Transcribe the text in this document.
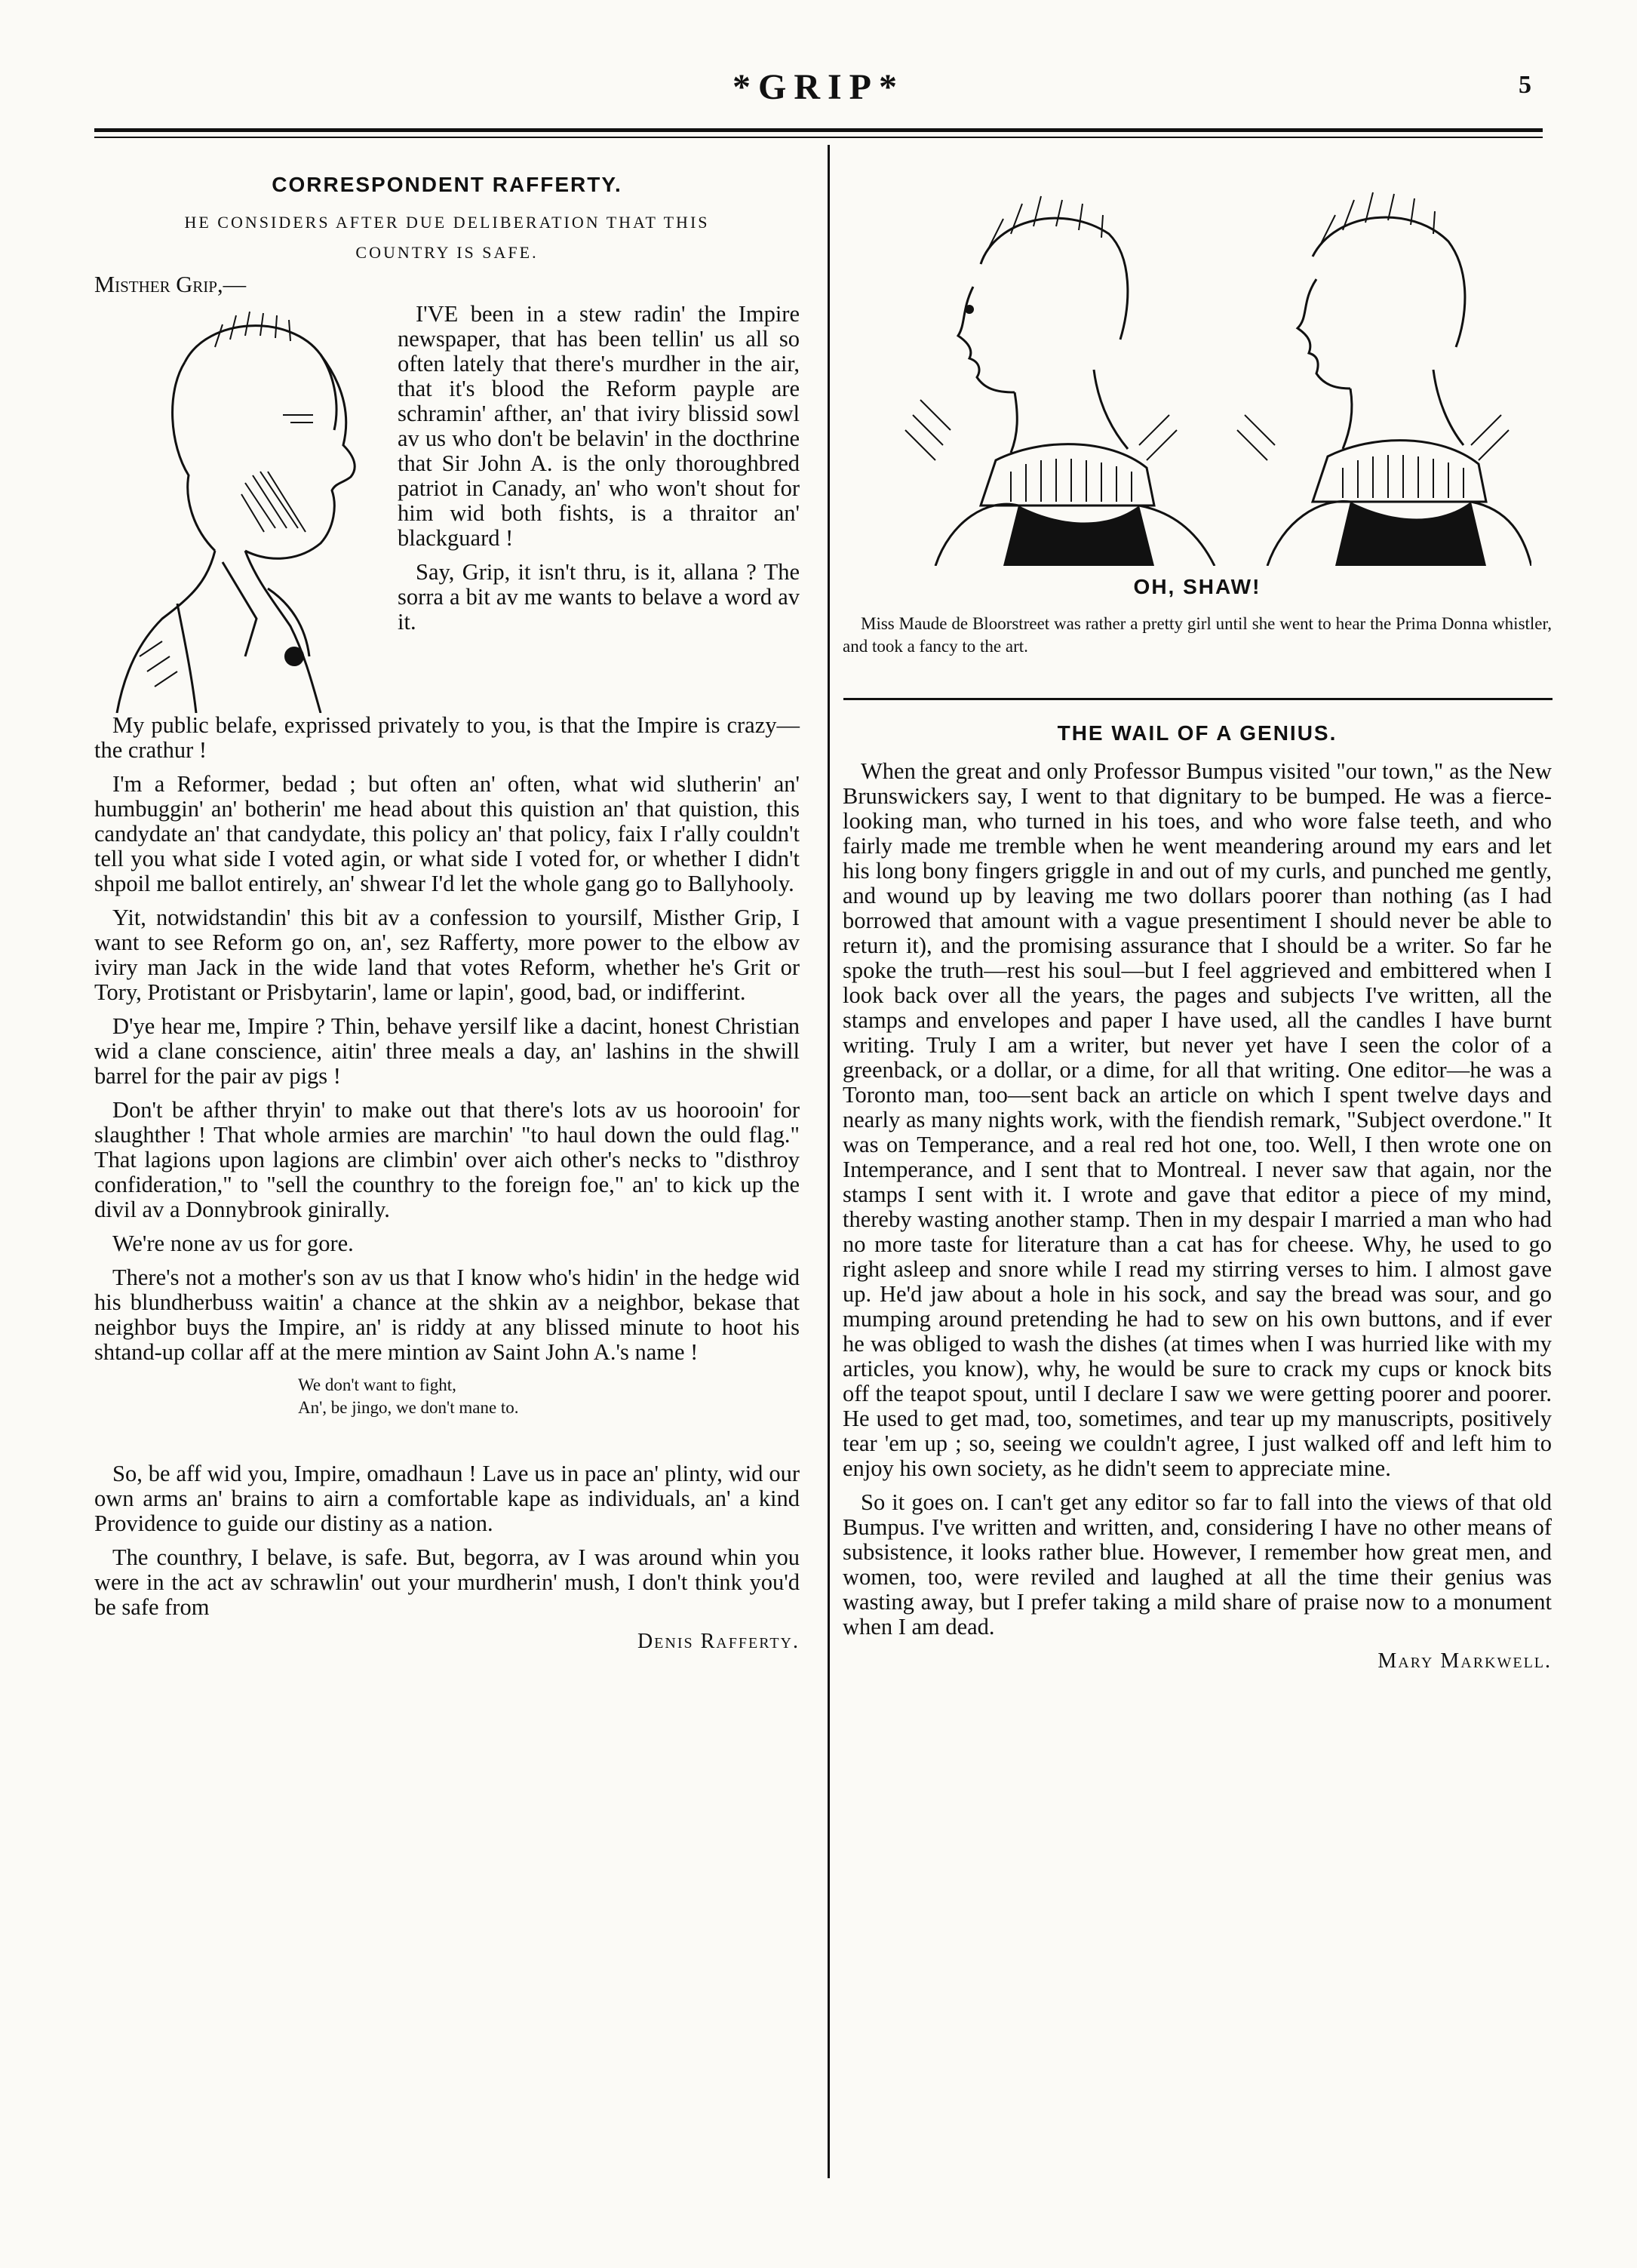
*GRIP*	5
CORRESPONDENT RAFFERTY.
HE CONSIDERS AFTER DUE DELIBERATION THAT THIS
COUNTRY IS SAFE.

Misther Grip,—

I'VE been in a stew radin' the Impire newspaper, that has been tellin' us all so often lately that there's murdher in the air, that it's blood the Reform payple are schramin' afther, an' that iviry blissid sowl av us who don't be belavin' in the docthrine that Sir John A. is the only thoroughbred patriot in Canady, an' who won't shout for him wid both fishts, is a thraitor an' blackguard !

Say, Grip, it isn't thru, is it, allana ? The sorra a bit av me wants to belave a word av it.

My public belafe, exprissed privately to you, is that the Impire is crazy—the crathur !

I'm a Reformer, bedad ; but often an' often, what wid slutherin' an' humbuggin' an' botherin' me head about this quistion an' that quistion, this candydate an' that candydate, this policy an' that policy, faix I r'ally couldn't tell you what side I voted agin, or what side I voted for, or whether I didn't shpoil me ballot entirely, an' shwear I'd let the whole gang go to Ballyhooly.

Yit, notwidstandin' this bit av a confession to yoursilf, Misther Grip, I want to see Reform go on, an', sez Rafferty, more power to the elbow av iviry man Jack in the wide land that votes Reform, whether he's Grit or Tory, Protistant or Prisbytarin', lame or lapin', good, bad, or indifferint.

D'ye hear me, Impire ? Thin, behave yersilf like a dacint, honest Christian wid a clane conscience, aitin' three meals a day, an' lashins in the shwill barrel for the pair av pigs !

Don't be afther thryin' to make out that there's lots av us hoorooin' for slaughther ! That whole armies are marchin' "to haul down the ould flag." That lagions upon lagions are climbin' over aich other's necks to "disthroy confideration," to "sell the counthry to the foreign foe," an' to kick up the divil av a Donnybrook ginirally.

We're none av us for gore.

There's not a mother's son av us that I know who's hidin' in the hedge wid his blundherbuss waitin' a chance at the shkin av a neighbor, bekase that neighbor buys the Impire, an' is riddy at any blissed minute to hoot his shtand-up collar aff at the mere mintion av Saint John A.'s name !

We don't want to fight,
An', be jingo, we don't mane to.

So, be aff wid you, Impire, omadhaun ! Lave us in pace an' plinty, wid our own arms an' brains to airn a comfortable kape as individuals, an' a kind Providence to guide our distiny as a nation.

The counthry, I belave, is safe. But, begorra, av I was around whin you were in the act av schrawlin' out your murdherin' mush, I don't think you'd be safe from

Denis Rafferty.
OH, SHAW!
Miss Maude de Bloorstreet was rather a pretty girl until she went to hear the Prima Donna whistler, and took a fancy to the art.
THE WAIL OF A GENIUS.

When the great and only Professor Bumpus visited "our town," as the New Brunswickers say, I went to that dignitary to be bumped. He was a fierce-looking man, who turned in his toes, and who wore false teeth, and who fairly made me tremble when he went meandering around my ears and let his long bony fingers griggle in and out of my curls, and punched me gently, and wound up by leaving me two dollars poorer than nothing (as I had borrowed that amount with a vague presentiment I should never be able to return it), and the promising assurance that I should be a writer. So far he spoke the truth—rest his soul—but I feel aggrieved and embittered when I look back over all the years, the pages and subjects I've written, all the stamps and envelopes and paper I have used, all the candles I have burnt writing. Truly I am a writer, but never yet have I seen the color of a greenback, or a dollar, or a dime, for all that writing. One editor—he was a Toronto man, too—sent back an article on which I spent twelve days and nearly as many nights work, with the fiendish remark, "Subject overdone." It was on Temperance, and a real red hot one, too. Well, I then wrote one on Intemperance, and I sent that to Montreal. I never saw that again, nor the stamps I sent with it. I wrote and gave that editor a piece of my mind, thereby wasting another stamp. Then in my despair I married a man who had no more taste for literature than a cat has for cheese. Why, he used to go right asleep and snore while I read my stirring verses to him. I almost gave up. He'd jaw about a hole in his sock, and say the bread was sour, and go mumping around pretending he had to sew on his own buttons, and if ever he was obliged to wash the dishes (at times when I was hurried like with my articles, you know), why, he would be sure to crack my cups or knock bits off the teapot spout, until I declare I saw we were getting poorer and poorer. He used to get mad, too, sometimes, and tear up my manuscripts, positively tear 'em up ; so, seeing we couldn't agree, I just walked off and left him to enjoy his own society, as he didn't seem to appreciate mine.

So it goes on. I can't get any editor so far to fall into the views of that old Bumpus. I've written and written, and, considering I have no other means of subsistence, it looks rather blue. However, I remember how great men, and women, too, were reviled and laughed at all the time their genius was wasting away, but I prefer taking a mild share of praise now to a monument when I am dead.

Mary Markwell.
